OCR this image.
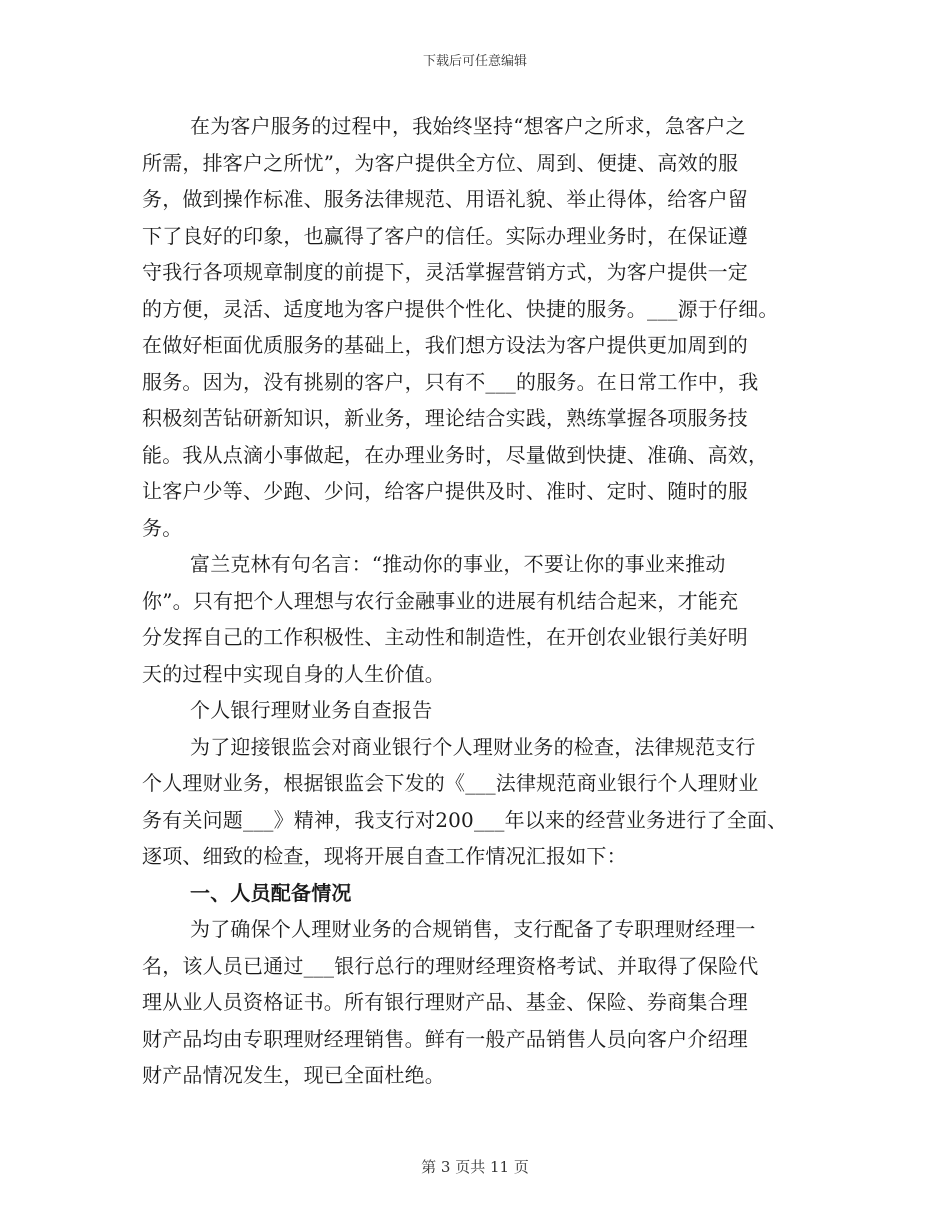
下载后可任意编辑
在为客户服务的过程中，我始终坚持“想客户之所求，急客户之
所需，排客户之所忧”，为客户提供全方位、周到、便捷、高效的服
务，做到操作标准、服务法律规范、用语礼貌、举止得体，给客户留
下了良好的印象，也赢得了客户的信任。实际办理业务时，在保证遵
守我行各项规章制度的前提下，灵活掌握营销方式，为客户提供一定
的方便，灵活、适度地为客户提供个性化、快捷的服务。___源于仔细。
在做好柜面优质服务的基础上，我们想方设法为客户提供更加周到的
服务。因为，没有挑剔的客户，只有不___的服务。在日常工作中，我
积极刻苦钻研新知识，新业务，理论结合实践，熟练掌握各项服务技
能。我从点滴小事做起，在办理业务时，尽量做到快捷、准确、高效，
让客户少等、少跑、少问，给客户提供及时、准时、定时、随时的服
务。
富兰克林有句名言：“推动你的事业，不要让你的事业来推动
你”。只有把个人理想与农行金融事业的进展有机结合起来，才能充
分发挥自己的工作积极性、主动性和制造性，在开创农业银行美好明
天的过程中实现自身的人生价值。
个人银行理财业务自查报告
为了迎接银监会对商业银行个人理财业务的检查，法律规范支行
个人理财业务，根据银监会下发的《___法律规范商业银行个人理财业
务有关问题___》精神，我支行对200___年以来的经营业务进行了全面、
逐项、细致的检查，现将开展自查工作情况汇报如下：
一、人员配备情况
为了确保个人理财业务的合规销售，支行配备了专职理财经理一
名，该人员已通过___银行总行的理财经理资格考试、并取得了保险代
理从业人员资格证书。所有银行理财产品、基金、保险、券商集合理
财产品均由专职理财经理销售。鲜有一般产品销售人员向客户介绍理
财产品情况发生，现已全面杜绝。
第 3 页共 11 页
